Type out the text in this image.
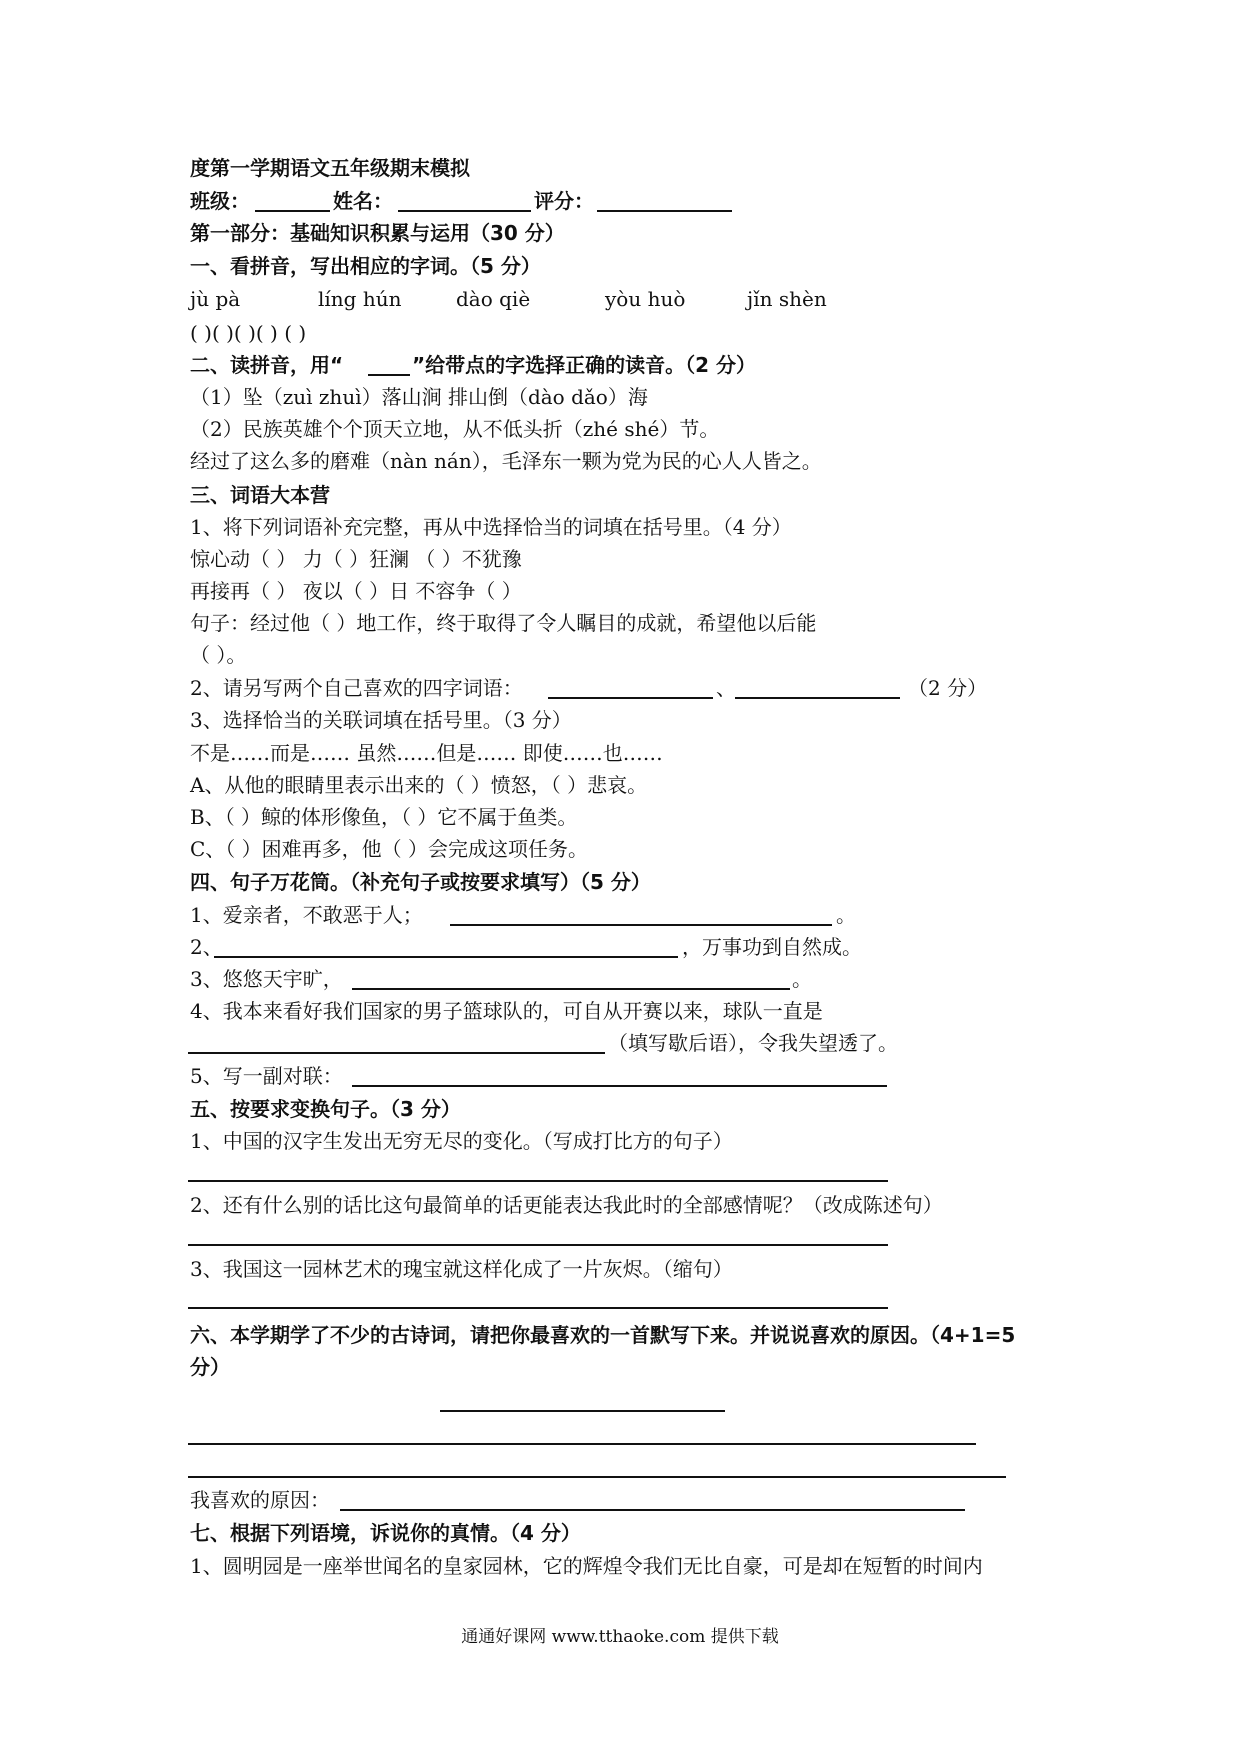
度第一学期语文五年级期末模拟
班级：	姓名：	评分：
第一部分：基础知识积累与运用（30 分）
一、看拼音，写出相应的字词。（5 分）
jù pà	líng hún	dào qiè	yòu huò	jǐn shèn
( )( )( )( ) ( )
二、读拼音，用“	”给带点的字选择正确的读音。（2 分）
（1）坠（zuì zhuì）落山涧 排山倒（dào dǎo）海
（2）民族英雄个个顶天立地，从不低头折（zhé shé）节。
经过了这么多的磨难（nàn nán），毛泽东一颗为党为民的心人人皆之。
三、词语大本营
1、将下列词语补充完整，再从中选择恰当的词填在括号里。（4 分）
惊心动（ ） 力（ ）狂澜 （ ）不犹豫
再接再（ ） 夜以（ ）日 不容争（ ）
句子：经过他（ ）地工作，终于取得了令人瞩目的成就，希望他以后能
（ ）。
2、请另写两个自己喜欢的四字词语：	、	（2 分）
3、选择恰当的关联词填在括号里。（3 分）
不是……而是…… 虽然……但是…… 即使……也……
A、从他的眼睛里表示出来的（ ）愤怒，（ ）悲哀。
B、（ ）鲸的体形像鱼，（ ）它不属于鱼类。
C、（ ）困难再多，他（ ）会完成这项任务。
四、句子万花筒。（补充句子或按要求填写）（5 分）
1、爱亲者，不敢恶于人；	。
2、	，万事功到自然成。
3、悠悠天宇旷，	。
4、我本来看好我们国家的男子篮球队的，可自从开赛以来，球队一直是
（填写歇后语），令我失望透了。
5、写一副对联：
五、按要求变换句子。（3 分）
1、中国的汉字生发出无穷无尽的变化。（写成打比方的句子）
2、还有什么别的话比这句最简单的话更能表达我此时的全部感情呢？（改成陈述句）
3、我国这一园林艺术的瑰宝就这样化成了一片灰烬。（缩句）
六、本学期学了不少的古诗词，请把你最喜欢的一首默写下来。并说说喜欢的原因。（4+1=5
分）
我喜欢的原因：
七、根据下列语境，诉说你的真情。（4 分）
1、圆明园是一座举世闻名的皇家园林，它的辉煌令我们无比自豪，可是却在短暂的时间内
通通好课网 www.tthaoke.com 提供下载
